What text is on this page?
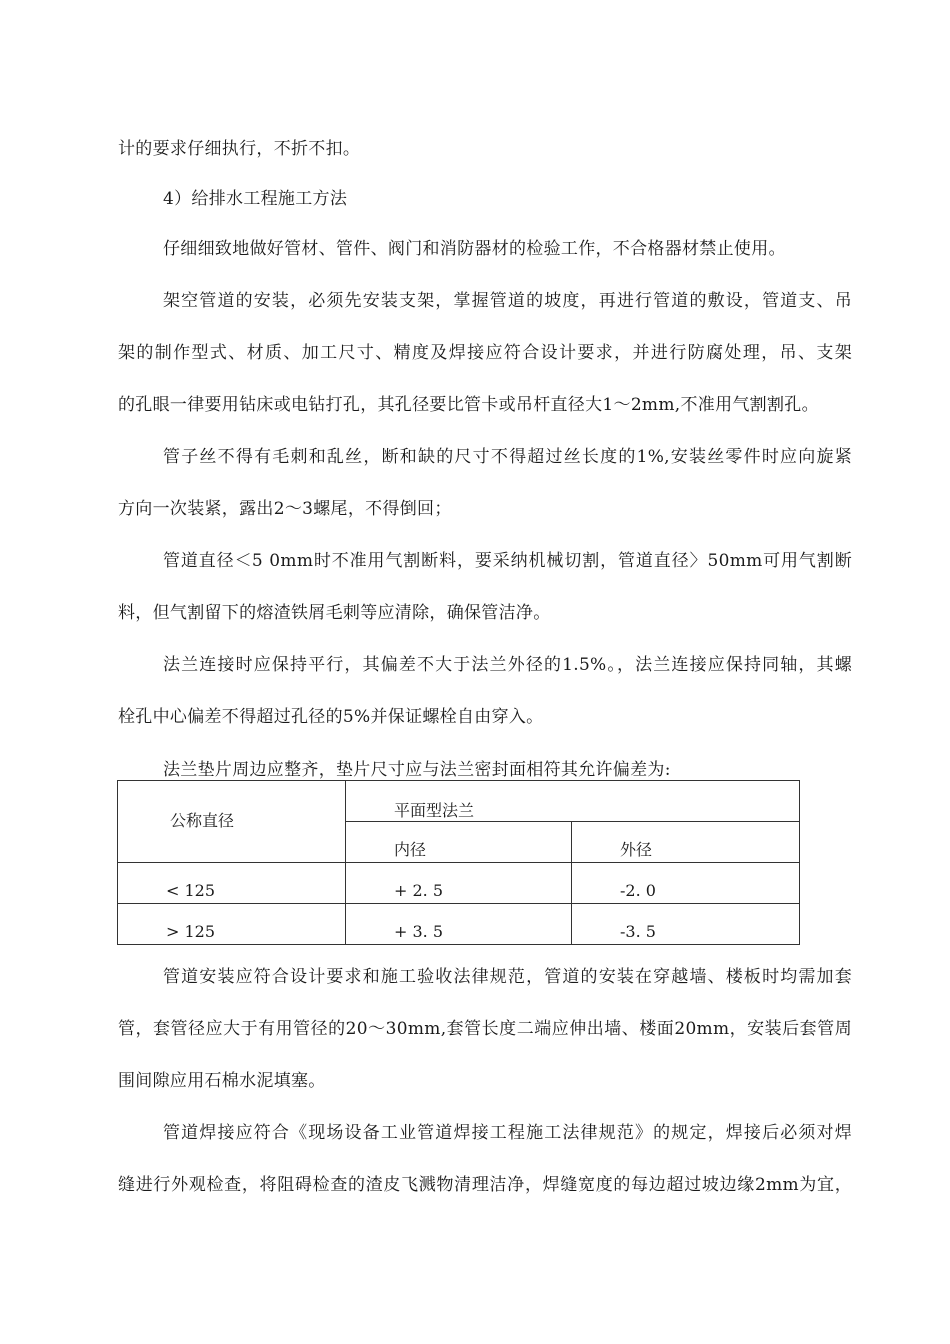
计的要求仔细执行，不折不扣。
4）给排水工程施工方法
仔细细致地做好管材、管件、阀门和消防器材的检验工作，不合格器材禁止使用。
架空管道的安装，必须先安装支架，掌握管道的坡度，再进行管道的敷设，管道支、吊
架的制作型式、材质、加工尺寸、精度及焊接应符合设计要求，并进行防腐处理，吊、支架
的孔眼一律要用钻床或电钻打孔，其孔径要比管卡或吊杆直径大1〜2mm,不准用气割割孔。
管子丝不得有毛刺和乱丝，断和缺的尺寸不得超过丝长度的1%,安装丝零件时应向旋紧
方向一次装紧，露出2〜3螺尾，不得倒回；
管道直径＜5 0mm时不准用气割断料，要采纳机械切割，管道直径〉50mm可用气割断
料，但气割留下的熔渣铁屑毛刺等应清除，确保管洁净。
法兰连接时应保持平行，其偏差不大于法兰外径的1.5%。，法兰连接应保持同轴，其螺
栓孔中心偏差不得超过孔径的5%并保证螺栓自由穿入。
法兰垫片周边应整齐，垫片尺寸应与法兰密封面相符其允许偏差为:
公称直径	平面型法兰	

	内径	外径

< 125	+ 2. 5	-2. 0

> 125	+ 3. 5	-3. 5
管道安装应符合设计要求和施工验收法律规范，管道的安装在穿越墙、楼板时均需加套
管，套管径应大于有用管径的20〜30mm,套管长度二端应伸出墙、楼面20mm，安装后套管周
围间隙应用石棉水泥填塞。
管道焊接应符合《现场设备工业管道焊接工程施工法律规范》的规定，焊接后必须对焊
缝进行外观检查，将阻碍检查的渣皮飞溅物清理洁净，焊缝宽度的每边超过坡边缘2mm为宜，
